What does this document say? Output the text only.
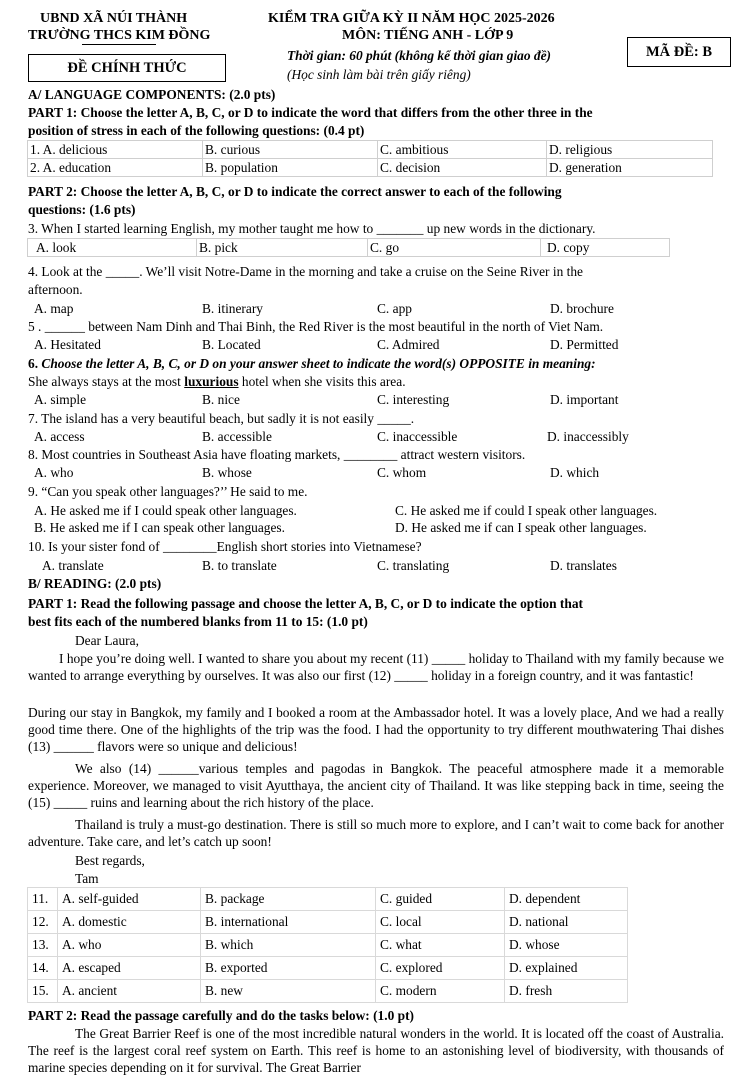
UBND XÃ NÚI THÀNH
TRƯỜNG THCS KIM ĐỒNG
ĐỀ CHÍNH THỨC
KIỂM TRA GIỮA KỲ II NĂM HỌC 2025-2026
MÔN: TIẾNG ANH - LỚP 9
Thời gian: 60 phút (không kể thời gian giao đề)
(Học sinh làm bài trên giấy riêng)
MÃ ĐỀ: B
A/ LANGUAGE COMPONENTS: (2.0 pts)
PART 1: Choose the letter A, B, C, or D to indicate the word that differs from the other three in the
position of stress in each of the following questions: (0.4 pt)
1. A. delicious	B. curious	C. ambitious	D. religious
2. A. education	B. population	C. decision	D. generation
PART 2: Choose the letter A, B, C, or D to indicate the correct answer to each of the following
questions: (1.6 pts)
3. When I started learning English, my mother taught me how to _______ up new words in the dictionary.
A. look	B. pick	C. go	D. copy
4. Look at the _____. We’ll visit Notre-Dame in the morning and take a cruise on the Seine River in the
afternoon.
A. map	B. itinerary	C. app	D. brochure
5 . ______ between Nam Dinh and Thai Binh, the Red River is the most beautiful in the north of Viet Nam.
A. Hesitated	B. Located	C. Admired	D. Permitted
6. Choose the letter A, B, C, or D on your answer sheet to indicate the word(s) OPPOSITE in meaning:
She always stays at the most luxurious hotel when she visits this area.
A. simple	B. nice	C. interesting	D. important
7. The island has a very beautiful beach, but sadly it is not easily _____.
A. access	B. accessible	C. inaccessible	D. inaccessibly
8. Most countries in Southeast Asia have floating markets, ________ attract western visitors.
A. who	B. whose	C. whom	D. which
9. “Can you speak other languages?’’ He said to me.
A. He asked me if I could speak other languages.
B. He asked me if I can speak other languages.
C. He asked me if could I speak other languages.
D. He asked me if can I speak other languages.
10. Is your sister fond of ________English short stories into Vietnamese?
A. translate	B. to translate	C. translating	D. translates
B/ READING: (2.0 pts)
PART 1: Read the following passage and choose the letter A, B, C, or D to indicate the option that
best fits each of the numbered blanks from 11 to 15: (1.0 pt)
Dear Laura,
I hope you’re doing well. I wanted to share you about my recent (11) _____ holiday to Thailand with my family because we wanted to arrange everything by ourselves. It was also our first (12) _____ holiday in a foreign country, and it was fantastic!
During our stay in Bangkok, my family and I booked a room at the Ambassador hotel. It was a lovely place, And we had a really good time there. One of the highlights of the trip was the food. I had the opportunity to try different mouthwatering Thai dishes (13) ______ flavors were so unique and delicious!
We also (14) ______various temples and pagodas in Bangkok. The peaceful atmosphere made it a memorable experience. Moreover, we managed to visit Ayutthaya, the ancient city of Thailand. It was like stepping back in time, seeing the (15) _____ ruins and learning about the rich history of the place.
Thailand is truly a must-go destination. There is still so much more to explore, and I can’t wait to come back for another adventure. Take care, and let’s catch up soon!
Best regards,
Tam
11.	A. self-guided	B. package	C. guided	D. dependent
12.	A. domestic	B. international	C. local	D. national
13.	A. who	B. which	C. what	D. whose
14.	A. escaped	B. exported	C. explored	D. explained
15.	A. ancient	B. new	C. modern	D. fresh
PART 2: Read the passage carefully and do the tasks below: (1.0 pt)
The Great Barrier Reef is one of the most incredible natural wonders in the world. It is located off the coast of Australia. The reef is the largest coral reef system on Earth. This reef is home to an astonishing level of biodiversity, with thousands of marine species depending on it for survival. The Great Barrier
